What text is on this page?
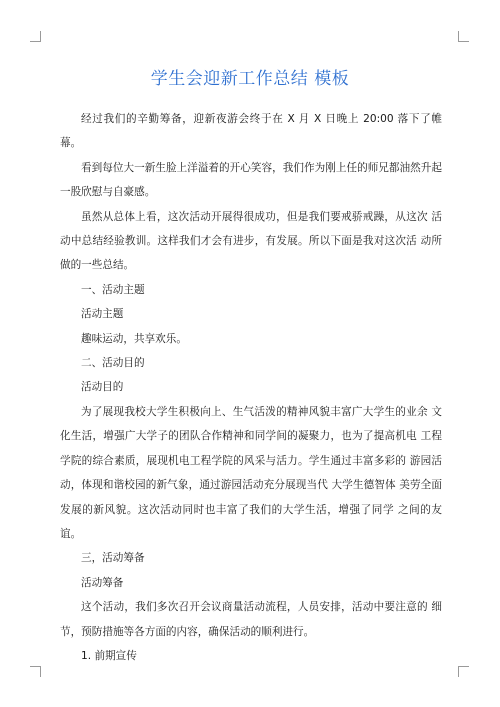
学生会迎新工作总结 模板

经过我们的辛勤筹备，迎新夜游会终于在 X 月 X 日晚上 20:00 落下了帷幕。

看到每位大一新生脸上洋溢着的开心笑容，我们作为刚上任的师兄都油然升起 一股欣慰与自豪感。

虽然从总体上看，这次活动开展得很成功，但是我们要戒骄戒躁，从这次 活动中总结经验教训。这样我们才会有进步，有发展。所以下面是我对这次活 动所做的一些总结。

一、活动主题

活动主题

趣味运动，共享欢乐。

二、活动目的

活动目的

为了展现我校大学生积极向上、生气活泼的精神风貌丰富广大学生的业余 文化生活，增强广大学子的团队合作精神和同学间的凝聚力，也为了提高机电 工程学院的综合素质，展现机电工程学院的风采与活力。学生通过丰富多彩的 游园活动，体现和谐校园的新气象，通过游园活动充分展现当代 大学生德智体 美劳全面发展的新风貌。这次活动同时也丰富了我们的大学生活，增强了同学 之间的友谊。

三，活动筹备

活动筹备

这个活动，我们多次召开会议商量活动流程，人员安排，活动中要注意的 细节，预防措施等各方面的内容，确保活动的顺利进行。

1. 前期宣传
